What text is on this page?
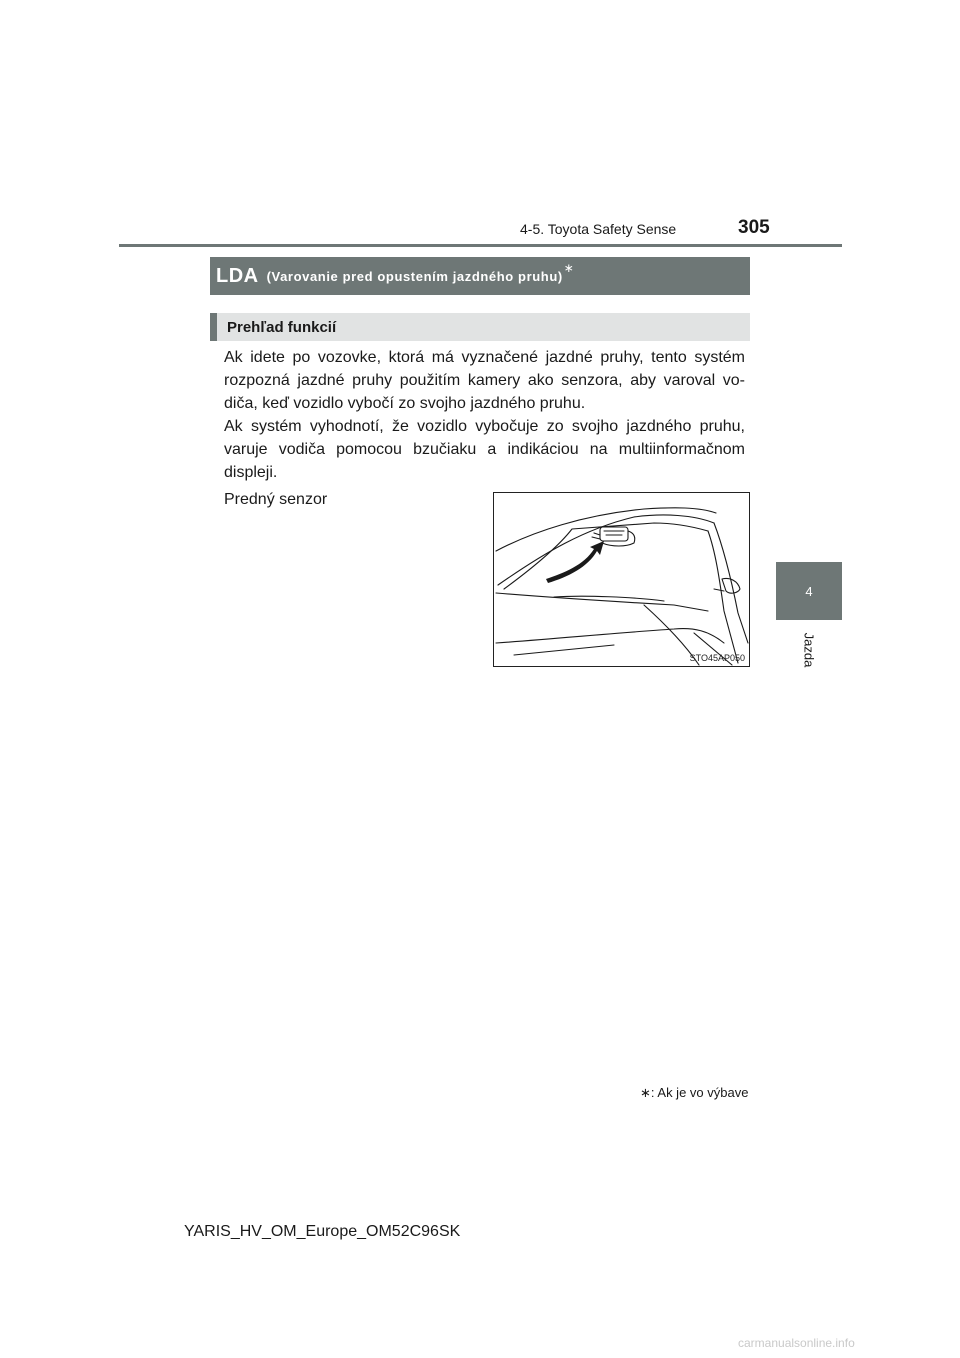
4-5. Toyota Safety Sense	305
LDA (Varovanie pred opustením jazdného pruhu)
∗
Prehľad funkcií

Ak idete po vozovke, ktorá má vyznačené jazdné pruhy, tento systém rozpozná jazdné pruhy použitím kamery ako senzora, aby varoval vo-diča, keď vozidlo vybočí zo svojho jazdného pruhu.

Ak systém vyhodnotí, že vozidlo vybočuje zo svojho jazdného pruhu, varuje vodiča pomocou bzučiaku a indikáciou na multiinformačnom displeji.

Predný senzor

4
Jazda
STO45AP050
∗: Ak je vo výbave
YARIS_HV_OM_Europe_OM52C96SK
carmanualsonline.info
